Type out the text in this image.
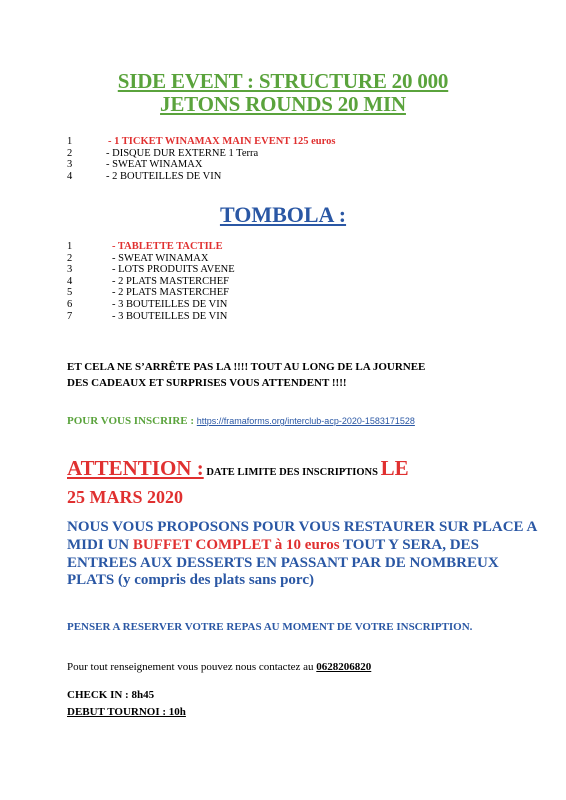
SIDE EVENT : STRUCTURE 20 000
JETONS ROUNDS 20 MIN
1	- 1 TICKET WINAMAX MAIN EVENT 125 euros
2	- DISQUE DUR EXTERNE 1 Terra
3	- SWEAT WINAMAX
4	- 2 BOUTEILLES DE VIN
TOMBOLA :
1	- TABLETTE TACTILE
2	- SWEAT WINAMAX
3	- LOTS PRODUITS AVENE
4	- 2 PLATS MASTERCHEF
5	- 2 PLATS MASTERCHEF
6	- 3 BOUTEILLES DE VIN
7	- 3 BOUTEILLES DE VIN
ET CELA NE S’ARRÊTE PAS LA !!!! TOUT AU LONG DE LA JOURNEE
DES CADEAUX ET SURPRISES VOUS ATTENDENT !!!!
POUR VOUS INSCRIRE : https://framaforms.org/interclub-acp-2020-1583171528
ATTENTION : DATE LIMITE DES INSCRIPTIONS LE
25 MARS 2020
NOUS VOUS PROPOSONS POUR VOUS RESTAURER SUR PLACE A MIDI UN BUFFET COMPLET à 10 euros TOUT Y SERA, DES ENTREES AUX DESSERTS EN PASSANT PAR DE NOMBREUX PLATS (y compris des plats sans porc)
PENSER A RESERVER VOTRE REPAS AU MOMENT DE VOTRE INSCRIPTION.
Pour tout renseignement vous pouvez nous contactez au 0628206820
CHECK IN : 8h45
DEBUT TOURNOI : 10h
